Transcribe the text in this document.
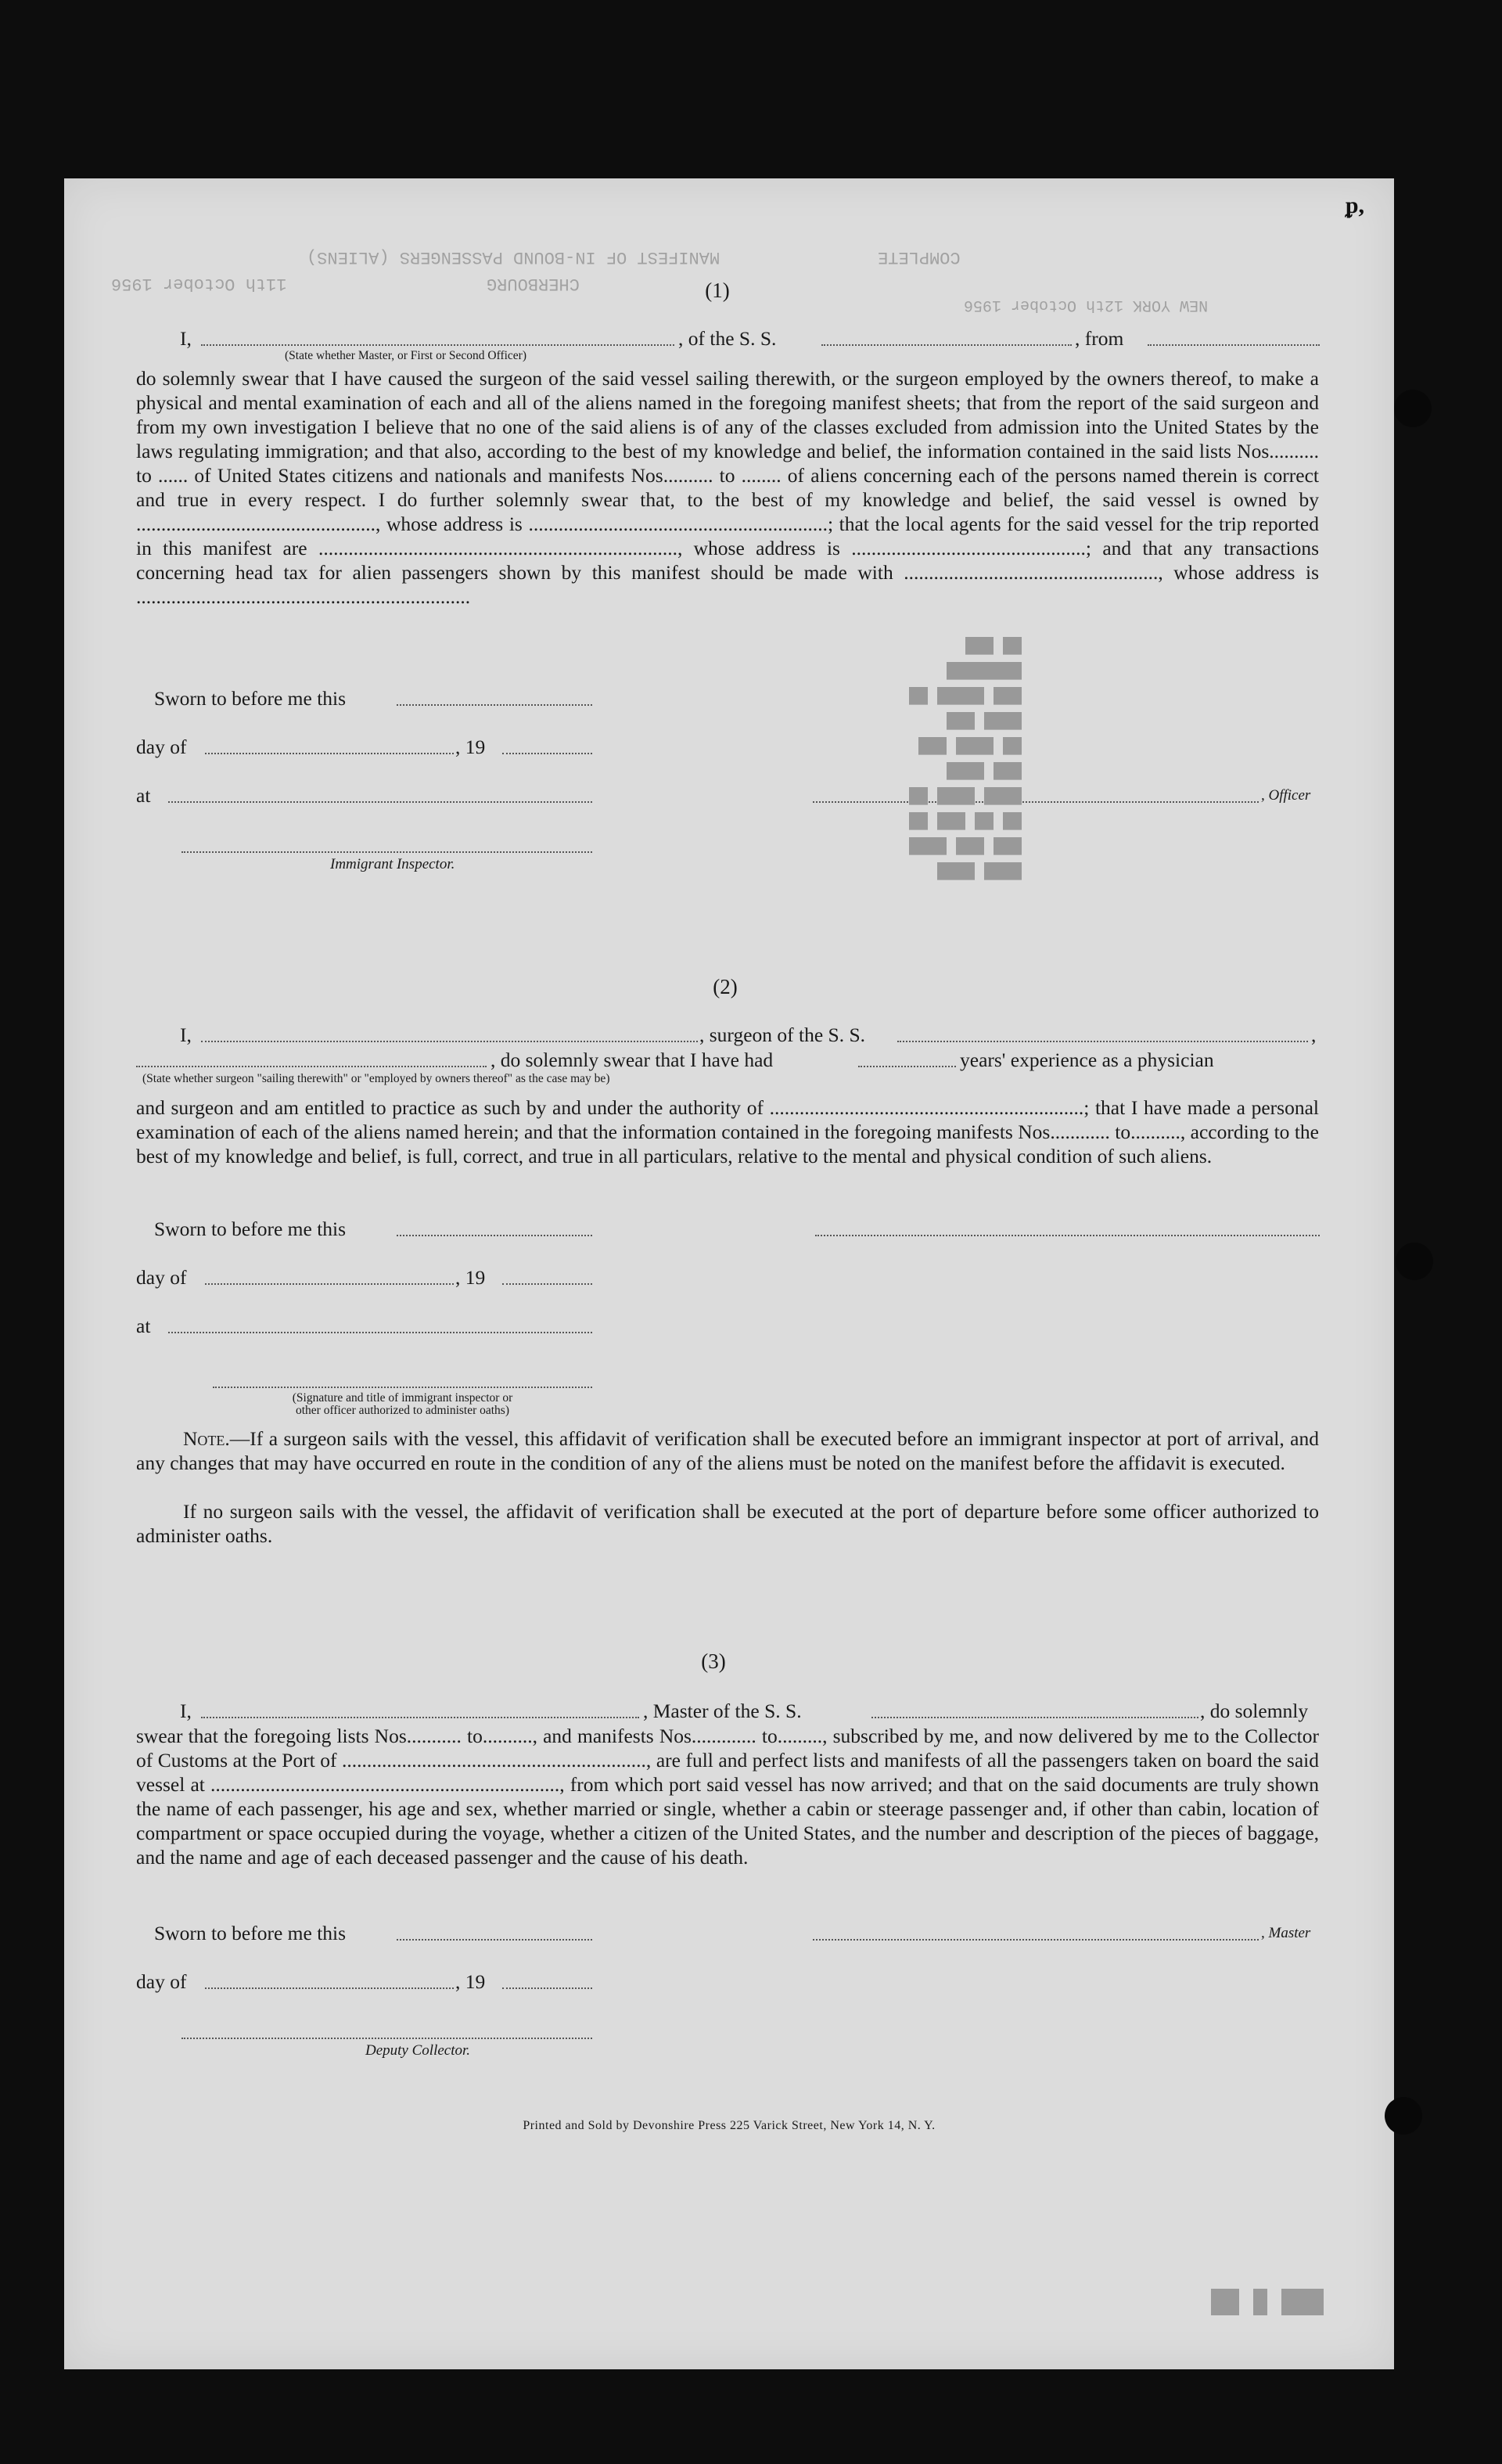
ᵱ,
MANIFEST OF IN-BOUND PASSENGERS (ALIENS)
11th October 1956	CHERBOURG
COMPLETE
NEW YORK 12th October 1956
(1)
I,	, of the S. S.	, from
(State whether Master, or First or Second Officer)
do solemnly swear that I have caused the surgeon of the said vessel sailing therewith, or the surgeon employed by the owners thereof, to make a physical and mental examination of each and all of the aliens named in the foregoing manifest sheets; that from the report of the said surgeon and from my own investigation I believe that no one of the said aliens is of any of the classes excluded from admission into the United States by the laws regulating immigration; and that also, according to the best of my knowledge and belief, the information contained in the said lists Nos.......... to ...... of United States citizens and nationals and manifests Nos.......... to ........ of aliens concerning each of the persons named therein is correct and true in every respect. I do further solemnly swear that, to the best of my knowledge and belief, the said vessel is owned by ................................................, whose address is ............................................................; that the local agents for the said vessel for the trip reported in this manifest are ........................................................................, whose address is ...............................................; and that any transactions concerning head tax for alien passengers shown by this manifest should be made with ..................................................., whose address is ...................................................................
Sworn to before me this
day of	, 19
at	, Officer
Immigrant Inspector.	████ ████
███ ███ ████
██ ██ ███ ██
████ ████ ██
███ ████
██ ████ ███
████ ███
███ █████ ██
████████
██ ███
(2)
I,	, surgeon of the S. S.	,
, do solemnly swear that I have had	years' experience as a physician
(State whether surgeon "sailing therewith" or "employed by owners thereof" as the case may be)
and surgeon and am entitled to practice as such by and under the authority of ...............................................................; that I have made a personal examination of each of the aliens named herein; and that the information contained in the foregoing manifests Nos............ to.........., according to the best of my knowledge and belief, is full, correct, and true in all particulars, relative to the mental and physical condition of such aliens.
Sworn to before me this
day of	, 19
at
(Signature and title of immigrant inspector or
other officer authorized to administer oaths)
Note.—If a surgeon sails with the vessel, this affidavit of verification shall be executed before an immigrant inspector at port of arrival, and any changes that may have occurred en route in the condition of any of the aliens must be noted on the manifest before the affidavit is executed.
If no surgeon sails with the vessel, the affidavit of verification shall be executed at the port of departure before some officer authorized to administer oaths.
(3)
I,	, Master of the S. S.	, do solemnly
swear that the foregoing lists Nos........... to.........., and manifests Nos............. to........., subscribed by me, and now delivered by me to the Collector of Customs at the Port of ............................................................., are full and perfect lists and manifests of all the passengers taken on board the said vessel at ......................................................................, from which port said vessel has now arrived; and that on the said documents are truly shown the name of each passenger, his age and sex, whether married or single, whether a cabin or steerage passenger and, if other than cabin, location of compartment or space occupied during the voyage, whether a citizen of the United States, and the number and description of the pieces of baggage, and the name and age of each deceased passenger and the cause of his death.
Sworn to before me this	, Master
day of	, 19
Deputy Collector.
Printed and Sold by Devonshire Press 225 Varick Street, New York 14, N. Y.
███ █ ██
